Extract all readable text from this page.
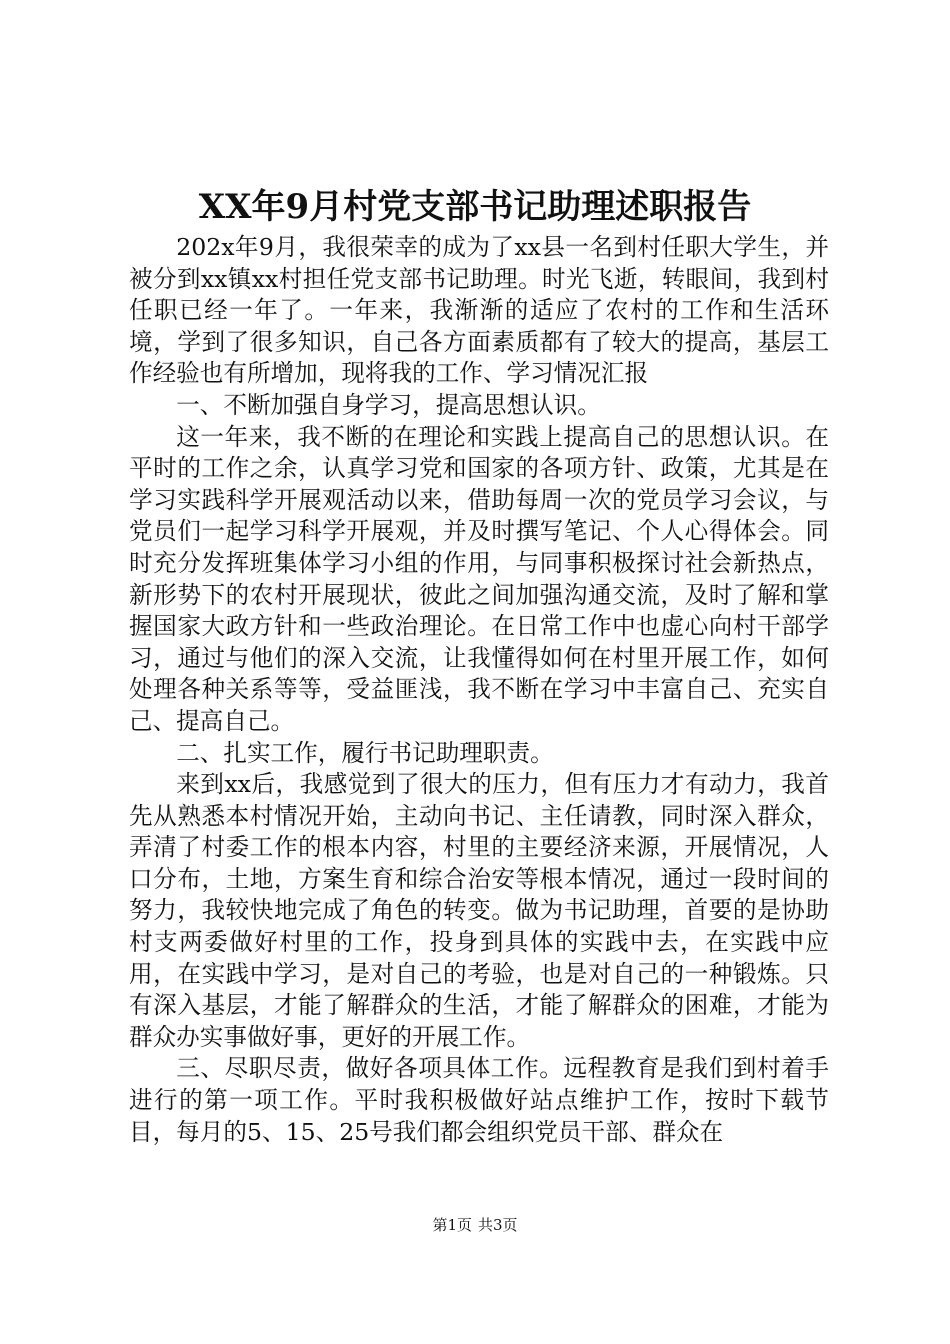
XX年9月村党支部书记助理述职报告

202x年9月，我很荣幸的成为了xx县一名到村任职大学生，并被分到xx镇xx村担任党支部书记助理。时光飞逝，转眼间，我到村任职已经一年了。一年来，我渐渐的适应了农村的工作和生活环境，学到了很多知识，自己各方面素质都有了较大的提高，基层工作经验也有所增加，现将我的工作、学习情况汇报

一、不断加强自身学习，提高思想认识。

这一年来，我不断的在理论和实践上提高自己的思想认识。在平时的工作之余，认真学习党和国家的各项方针、政策，尤其是在学习实践科学开展观活动以来，借助每周一次的党员学习会议，与党员们一起学习科学开展观，并及时撰写笔记、个人心得体会。同时充分发挥班集体学习小组的作用，与同事积极探讨社会新热点，新形势下的农村开展现状，彼此之间加强沟通交流，及时了解和掌握国家大政方针和一些政治理论。在日常工作中也虚心向村干部学习，通过与他们的深入交流，让我懂得如何在村里开展工作，如何处理各种关系等等，受益匪浅，我不断在学习中丰富自己、充实自己、提高自己。

二、扎实工作，履行书记助理职责。

来到xx后，我感觉到了很大的压力，但有压力才有动力，我首先从熟悉本村情况开始，主动向书记、主任请教，同时深入群众，弄清了村委工作的根本内容，村里的主要经济来源，开展情况，人口分布，土地，方案生育和综合治安等根本情况，通过一段时间的努力，我较快地完成了角色的转变。做为书记助理，首要的是协助村支两委做好村里的工作，投身到具体的实践中去，在实践中应用，在实践中学习，是对自己的考验，也是对自己的一种锻炼。只有深入基层，才能了解群众的生活，才能了解群众的困难，才能为群众办实事做好事，更好的开展工作。

三、尽职尽责，做好各项具体工作。远程教育是我们到村着手进行的第一项工作。平时我积极做好站点维护工作，按时下载节目，每月的5、15、25号我们都会组织党员干部、群众在

第1页 共3页
